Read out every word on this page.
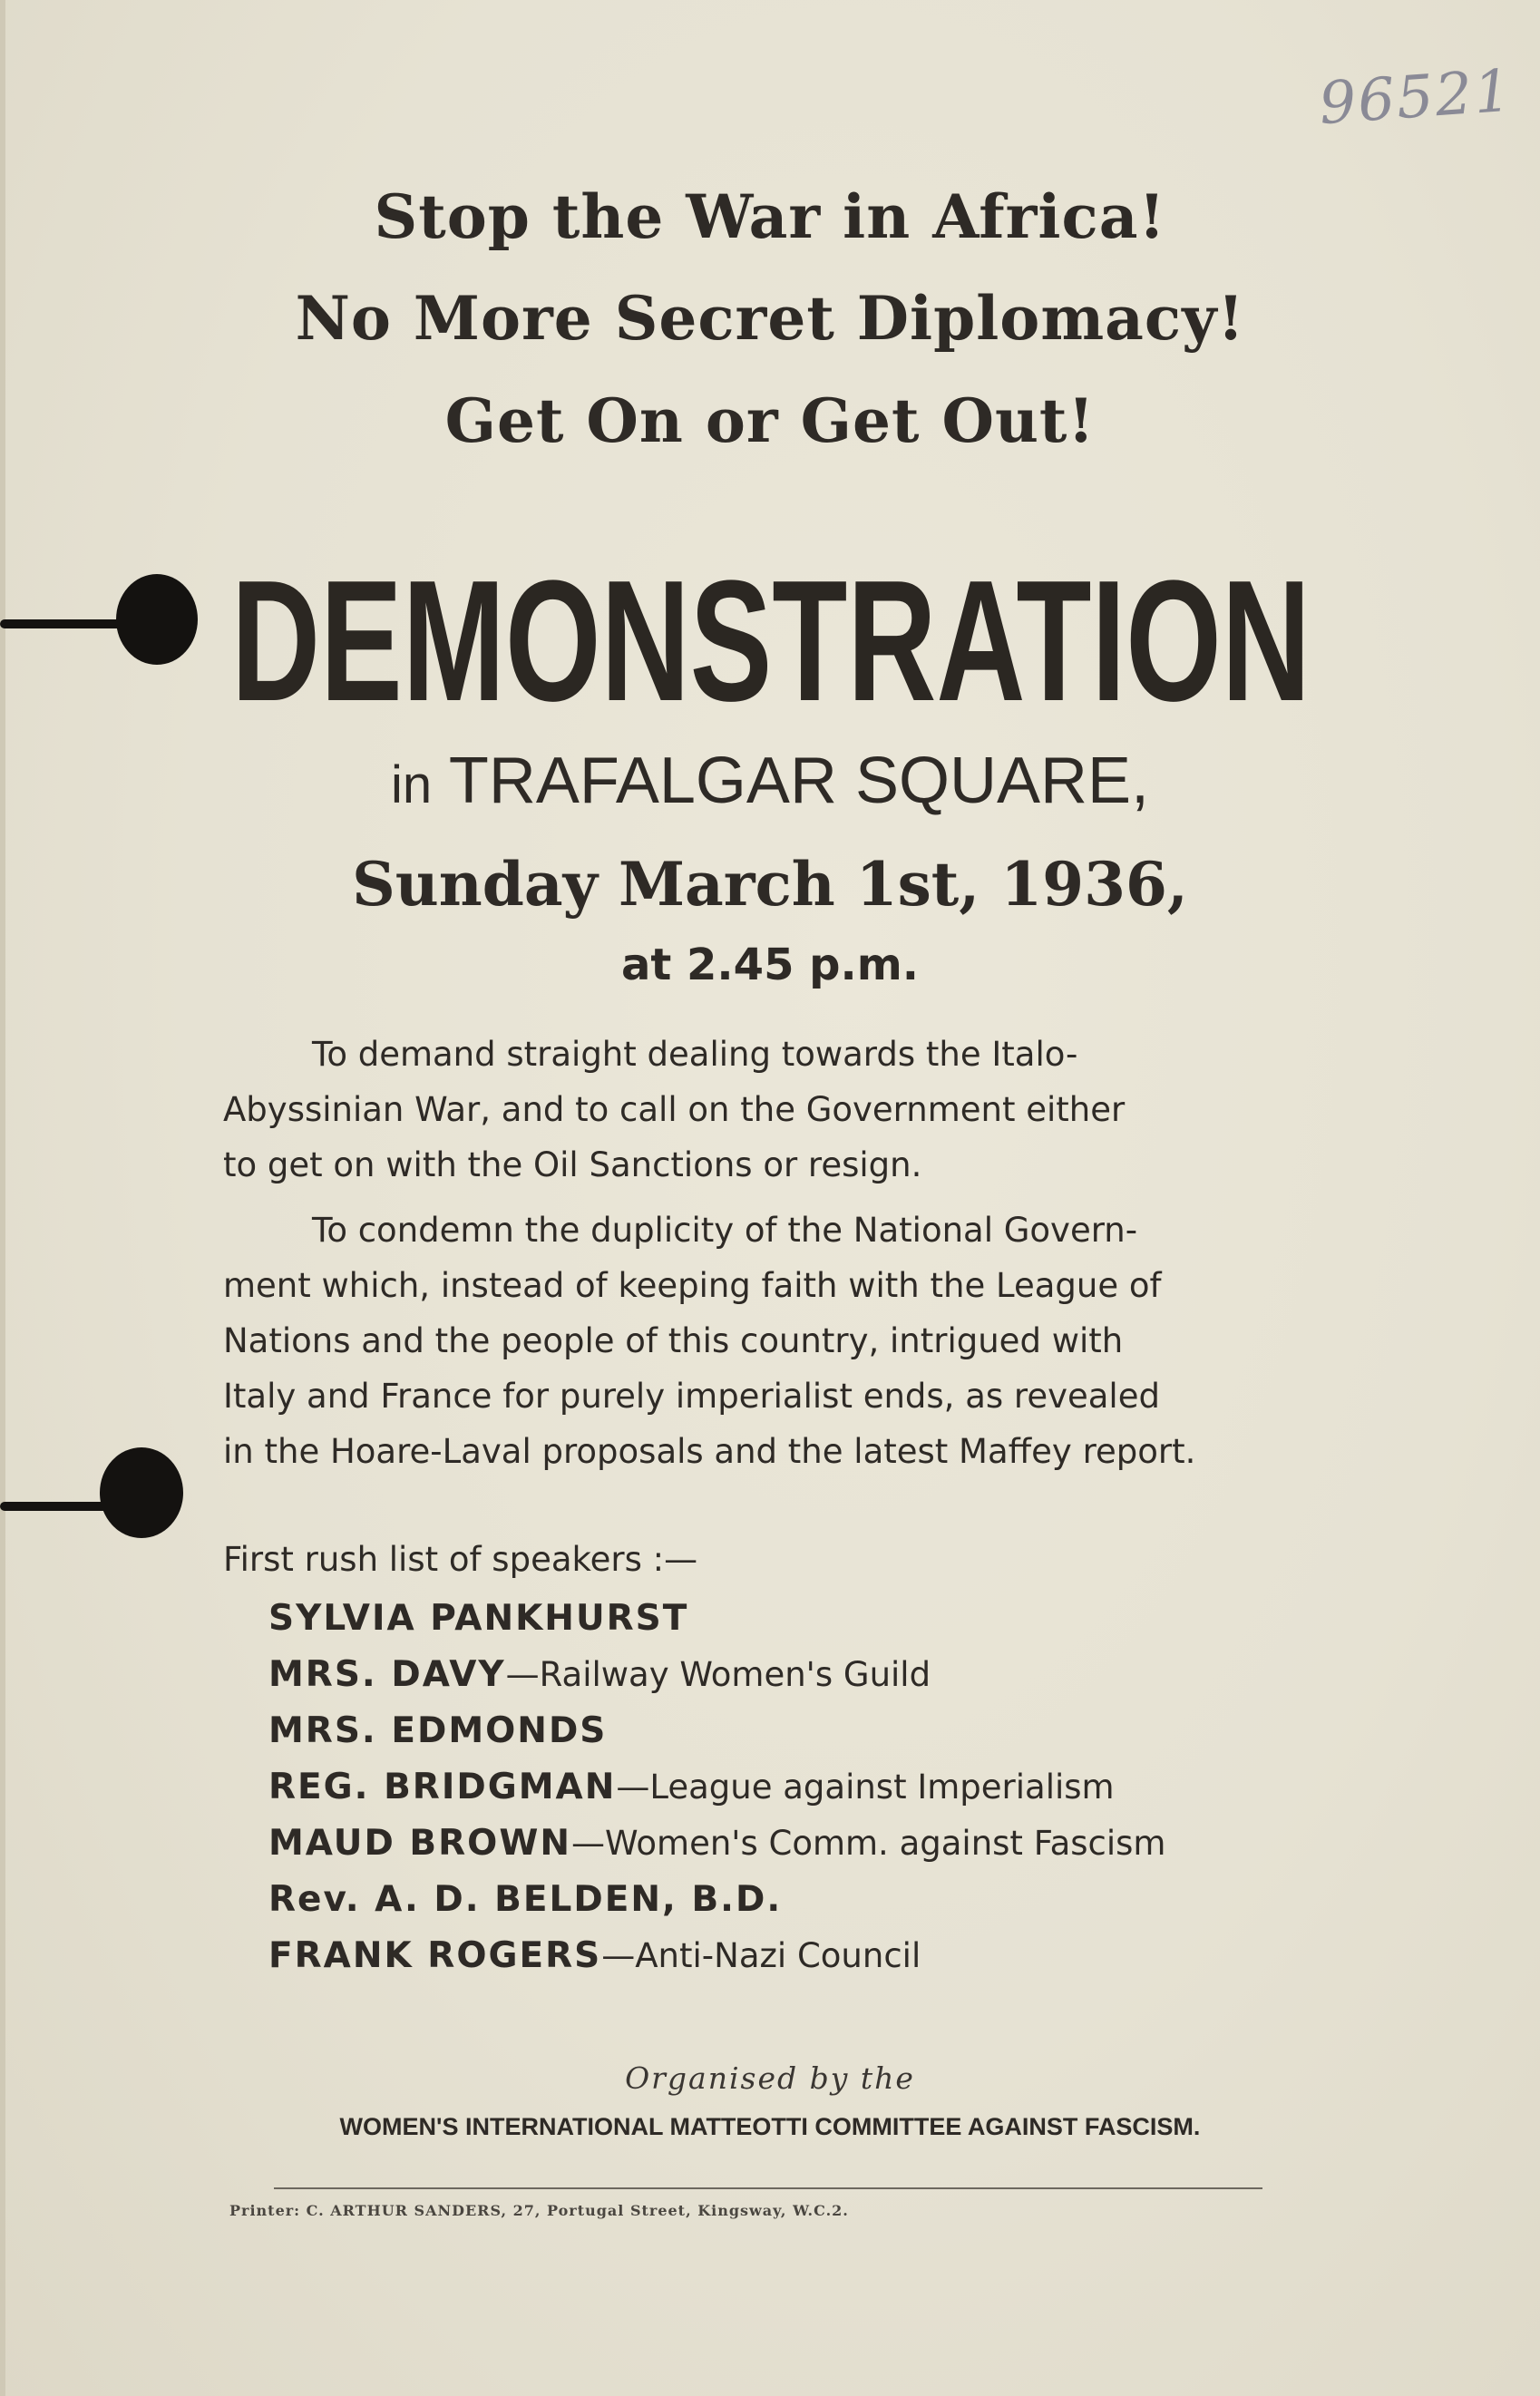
96521
Stop the War in Africa!
No More Secret Diplomacy!
Get On or Get Out!
DEMONSTRATION
in TRAFALGAR SQUARE,
Sunday March 1st, 1936,
at 2.45 p.m.
To demand straight dealing towards the Italo-
Abyssinian War, and to call on the Government either
to get on with the Oil Sanctions or resign.
To condemn the duplicity of the National Govern-
ment which, instead of keeping faith with the League of
Nations and the people of this country, intrigued with
Italy and France for purely imperialist ends, as revealed
in the Hoare-Laval proposals and the latest Maffey report.
First rush list of speakers :—
SYLVIA PANKHURST
MRS. DAVY—Railway Women's Guild
MRS. EDMONDS
REG. BRIDGMAN—League against Imperialism
MAUD BROWN—Women's Comm. against Fascism
Rev. A. D. BELDEN, B.D.
FRANK ROGERS—Anti-Nazi Council
Organised by the
WOMEN'S INTERNATIONAL MATTEOTTI COMMITTEE AGAINST FASCISM.
Printer: C. ARTHUR SANDERS, 27, Portugal Street, Kingsway, W.C.2.
